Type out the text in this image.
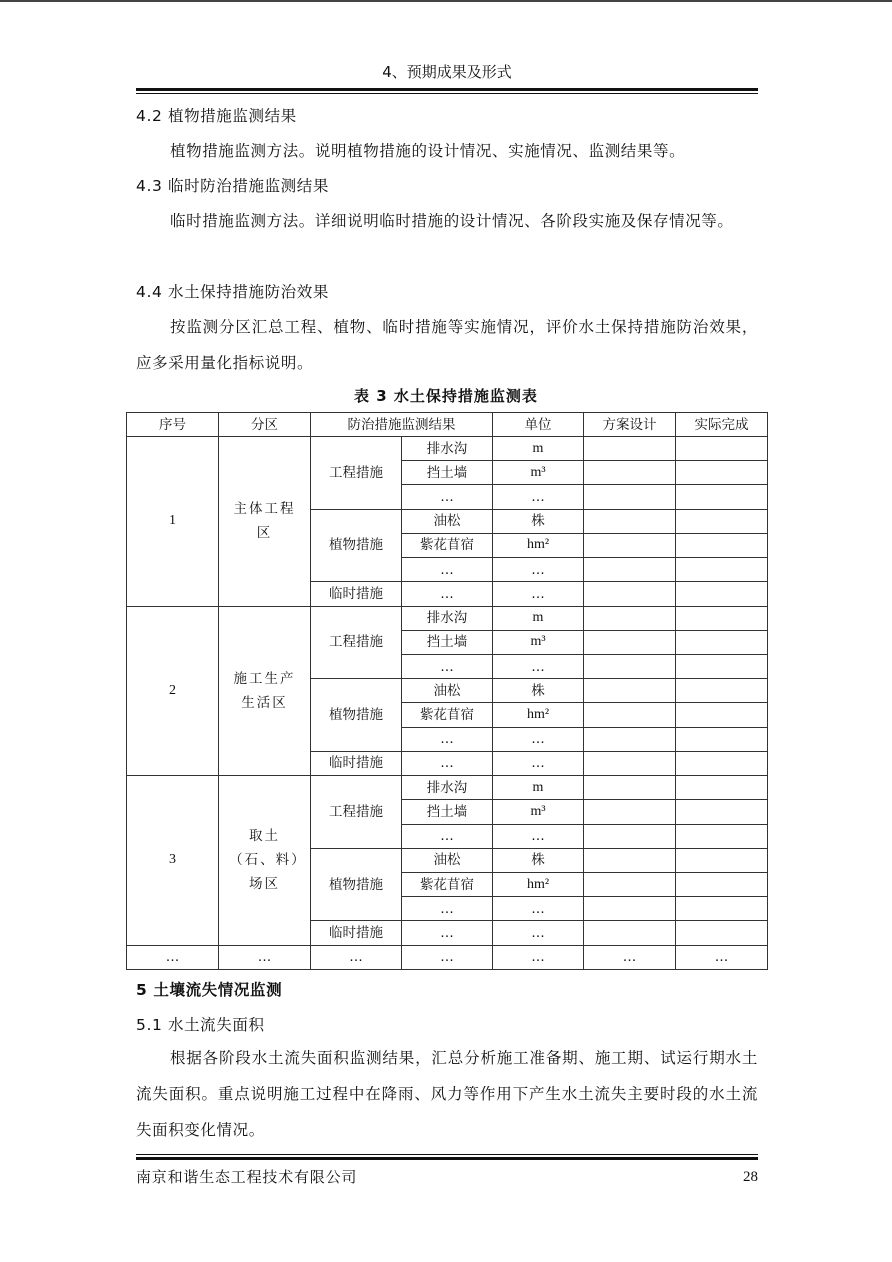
4、预期成果及形式
4.2 植物措施监测结果
植物措施监测方法。说明植物措施的设计情况、实施情况、监测结果等。
4.3 临时防治措施监测结果
临时措施监测方法。详细说明临时措施的设计情况、各阶段实施及保存情况等。
4.4 水土保持措施防治效果
按监测分区汇总工程、植物、临时措施等实施情况，评价水土保持措施防治效果，应多采用量化指标说明。
表 3 水土保持措施监测表
序号	分区	防治措施监测结果		单位	方案设计	实际完成
1	主体工程区	工程措施	排水沟	m		
			挡土墙	m³		
			…	…		
		植物措施	油松	株		
			紫花苜宿	hm²		
			…	…		
		临时措施	…	…		
2	施工生产生活区	工程措施	排水沟	m		
			挡土墙	m³		
			…	…		
		植物措施	油松	株		
			紫花苜宿	hm²		
			…	…		
		临时措施	…	…		
3	取土（石、料）场区	工程措施	排水沟	m		
			挡土墙	m³		
			…	…		
		植物措施	油松	株		
			紫花苜宿	hm²		
			…	…		
		临时措施	…	…		
…	…	…	…	…	…	…
5 土壤流失情况监测
5.1 水土流失面积
根据各阶段水土流失面积监测结果，汇总分析施工准备期、施工期、试运行期水土流失面积。重点说明施工过程中在降雨、风力等作用下产生水土流失主要时段的水土流失面积变化情况。
南京和谐生态工程技术有限公司	28
